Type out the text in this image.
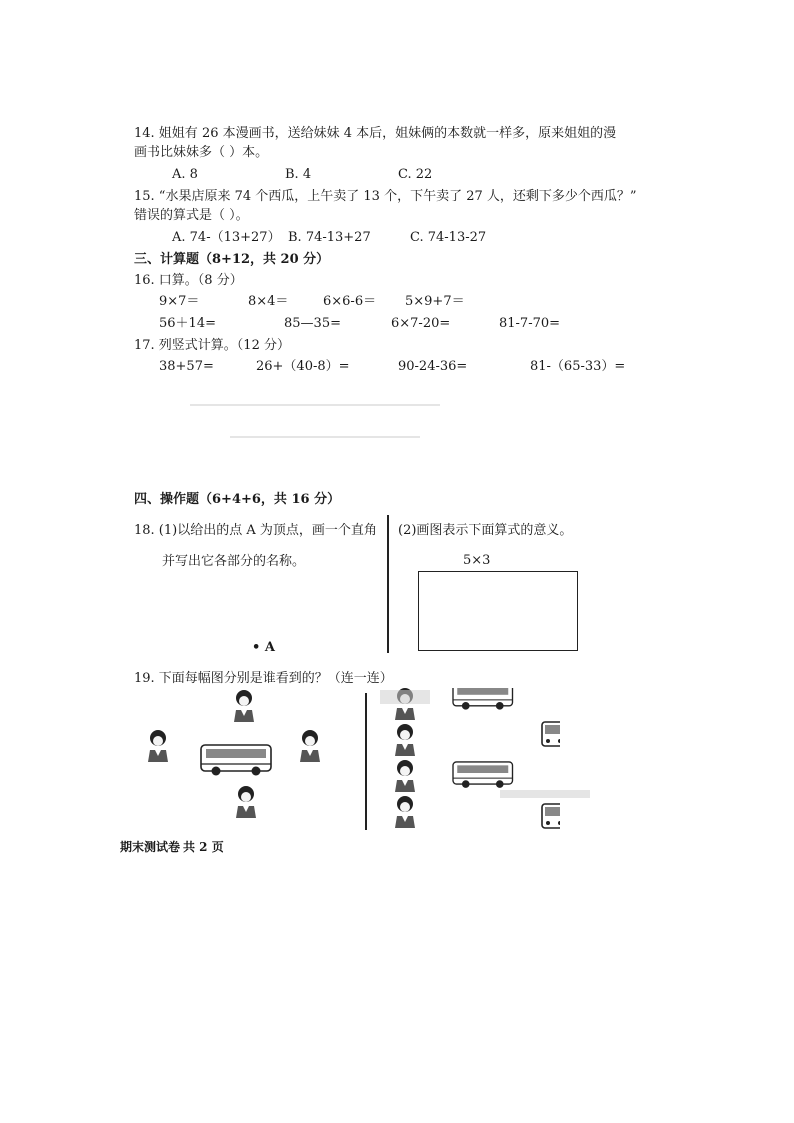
14. 姐姐有 26 本漫画书，送给妹妹 4 本后，姐妹俩的本数就一样多，原来姐姐的漫
画书比妹妹多（ ）本。
A. 8	B. 4	C. 22
15. “水果店原来 74 个西瓜，上午卖了 13 个，下午卖了 27 人，还剩下多少个西瓜？”
错误的算式是（ ）。
A. 74-（13+27） B. 74-13+27	C. 74-13-27
三、计算题（8+12，共 20 分）
16. 口算。（8 分）
9×7＝	8×4＝	6×6-6＝ 5×9+7＝
56＋14=	85—35=	6×7-20=	81-7-70=
17. 列竖式计算。（12 分）
38+57=	26+（40-8）=	90-24-36=	81-（65-33）=
四、操作题（6+4+6，共 16 分）
18. (1)以给出的点 A 为顶点，画一个直角
并写出它各部分的名称。
• A
(2)画图表示下面算式的意义。
5×3
19. 下面每幅图分别是谁看到的？（连一连）
期末测试卷 共 2 页
